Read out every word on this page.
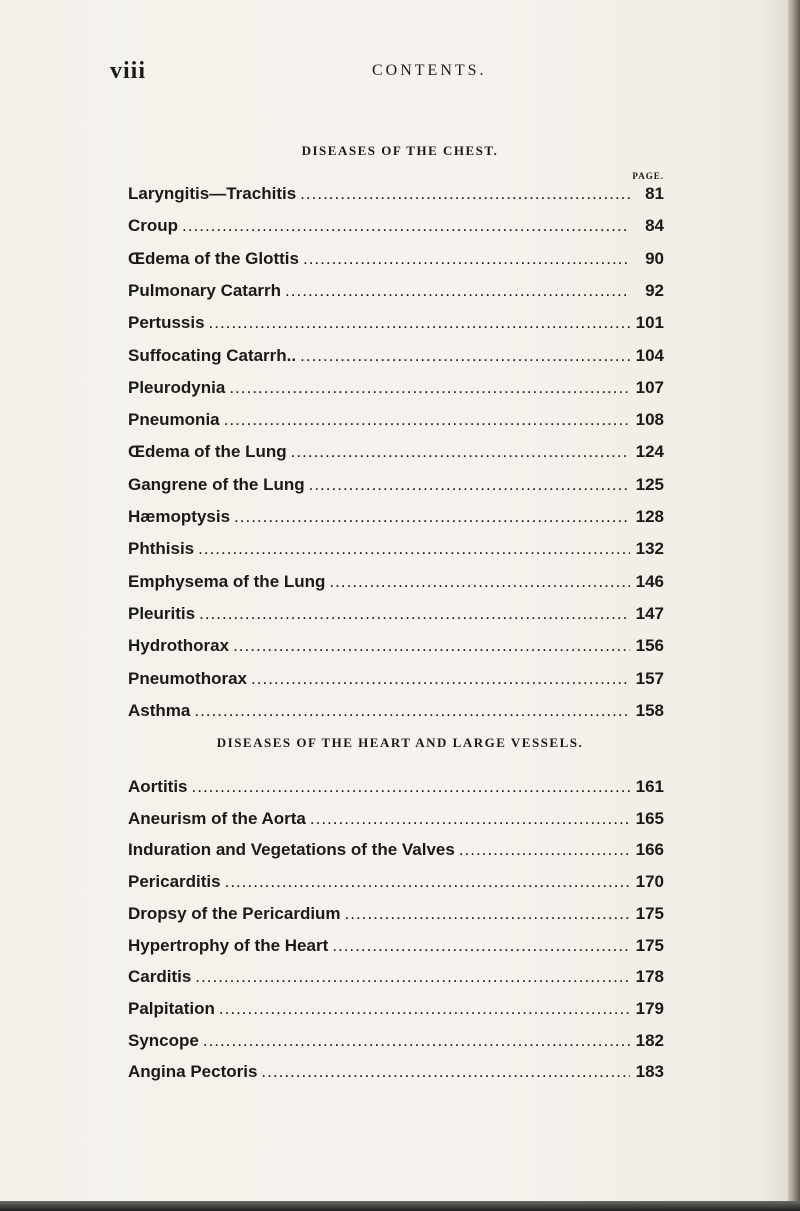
viii	CONTENTS.
DISEASES OF THE CHEST.
PAGE.
Laryngitis—Trachitis .....	81
Croup .....	84
Œdema of the Glottis .....	90
Pulmonary Catarrh .....	92
Pertussis .....	101
Suffocating Catarrh.. .....	104
Pleurodynia .....	107
Pneumonia .....	108
Œdema of the Lung .....	124
Gangrene of the Lung .....	125
Hæmoptysis .....	128
Phthisis .....	132
Emphysema of the Lung .....	146
Pleuritis .....	147
Hydrothorax .....	156
Pneumothorax .....	157
Asthma .....	158
DISEASES OF THE HEART AND LARGE VESSELS.
Aortitis .....	161
Aneurism of the Aorta .....	165
Induration and Vegetations of the Valves .....	166
Pericarditis .....	170
Dropsy of the Pericardium .....	175
Hypertrophy of the Heart .....	175
Carditis .....	178
Palpitation .....	179
Syncope .....	182
Angina Pectoris .....	183
